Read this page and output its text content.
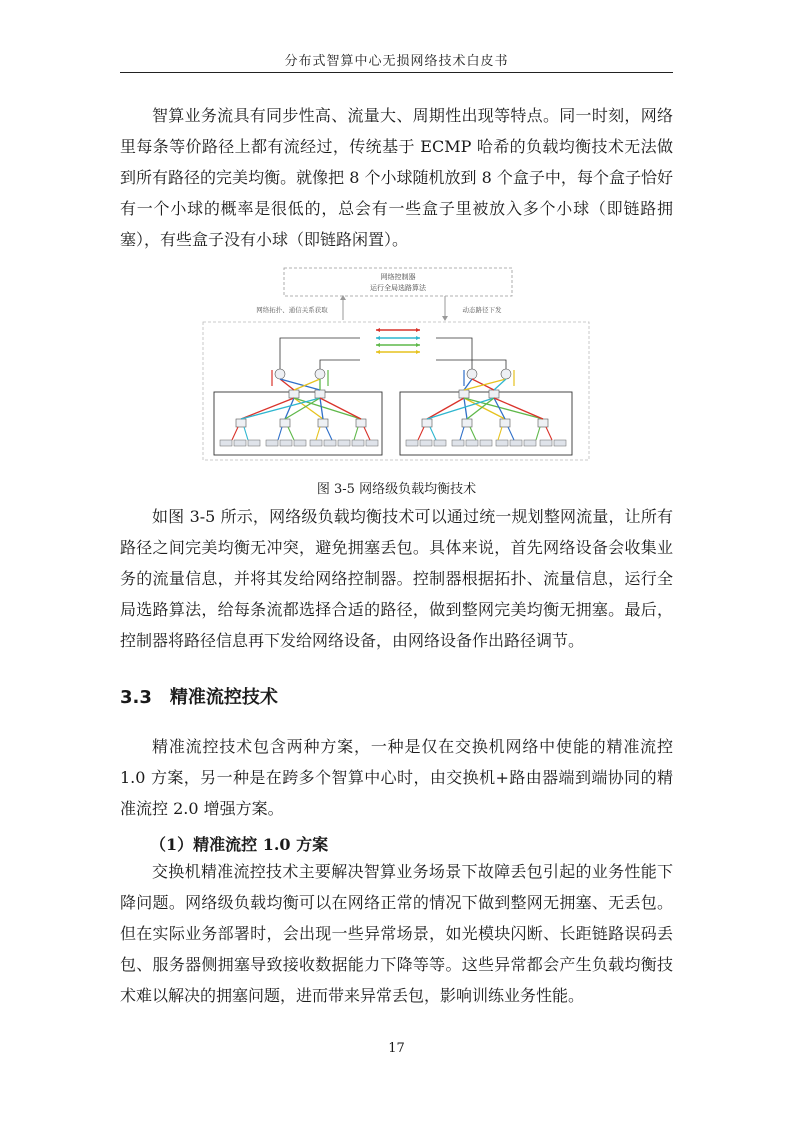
分布式智算中心无损网络技术白皮书

智算业务流具有同步性高、流量大、周期性出现等特点。同一时刻，网络里每条等价路径上都有流经过，传统基于 ECMP 哈希的负载均衡技术无法做到所有路径的完美均衡。就像把 8 个小球随机放到 8 个盒子中，每个盒子恰好有一个小球的概率是很低的，总会有一些盒子里被放入多个小球（即链路拥塞），有些盒子没有小球（即链路闲置）。

网络控制器
运行全局选路算法
网络拓扑、通信关系获取	动态路径下发
图 3-5 网络级负载均衡技术

如图 3-5 所示，网络级负载均衡技术可以通过统一规划整网流量，让所有路径之间完美均衡无冲突，避免拥塞丢包。具体来说，首先网络设备会收集业务的流量信息，并将其发给网络控制器。控制器根据拓扑、流量信息，运行全局选路算法，给每条流都选择合适的路径，做到整网完美均衡无拥塞。最后，控制器将路径信息再下发给网络设备，由网络设备作出路径调节。

3.3 精准流控技术

精准流控技术包含两种方案，一种是仅在交换机网络中使能的精准流控 1.0 方案，另一种是在跨多个智算中心时，由交换机+路由器端到端协同的精准流控 2.0 增强方案。

（1）精准流控 1.0 方案

交换机精准流控技术主要解决智算业务场景下故障丢包引起的业务性能下降问题。网络级负载均衡可以在网络正常的情况下做到整网无拥塞、无丢包。但在实际业务部署时，会出现一些异常场景，如光模块闪断、长距链路误码丢包、服务器侧拥塞导致接收数据能力下降等等。这些异常都会产生负载均衡技术难以解决的拥塞问题，进而带来异常丢包，影响训练业务性能。

17
